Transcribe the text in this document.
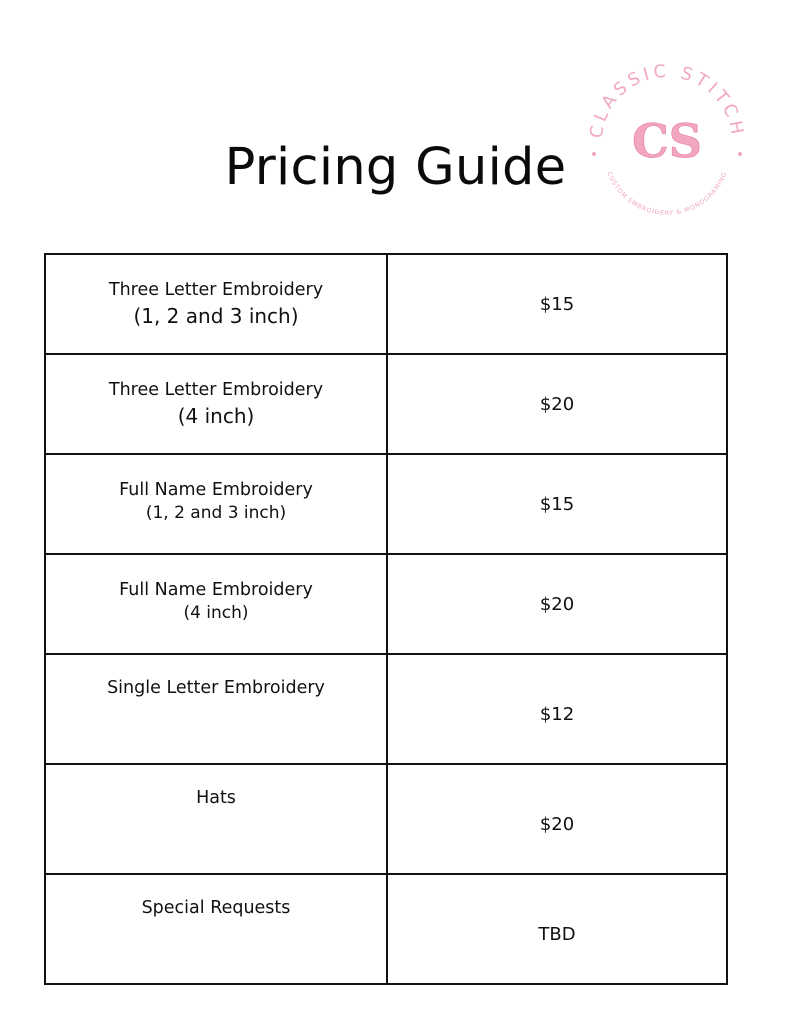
Pricing Guide
CLASSIC STITCH
CUSTOM EMBROIDERY & MONOGRAMING
CS
Three Letter Embroidery
(1, 2 and 3 inch)	$15

Three Letter Embroidery
(4 inch)	$20

Full Name Embroidery
(1, 2 and 3 inch)	$15

Full Name Embroidery
(4 inch)	$20

Single Letter Embroidery	$12

Hats	$20

Special Requests	TBD
